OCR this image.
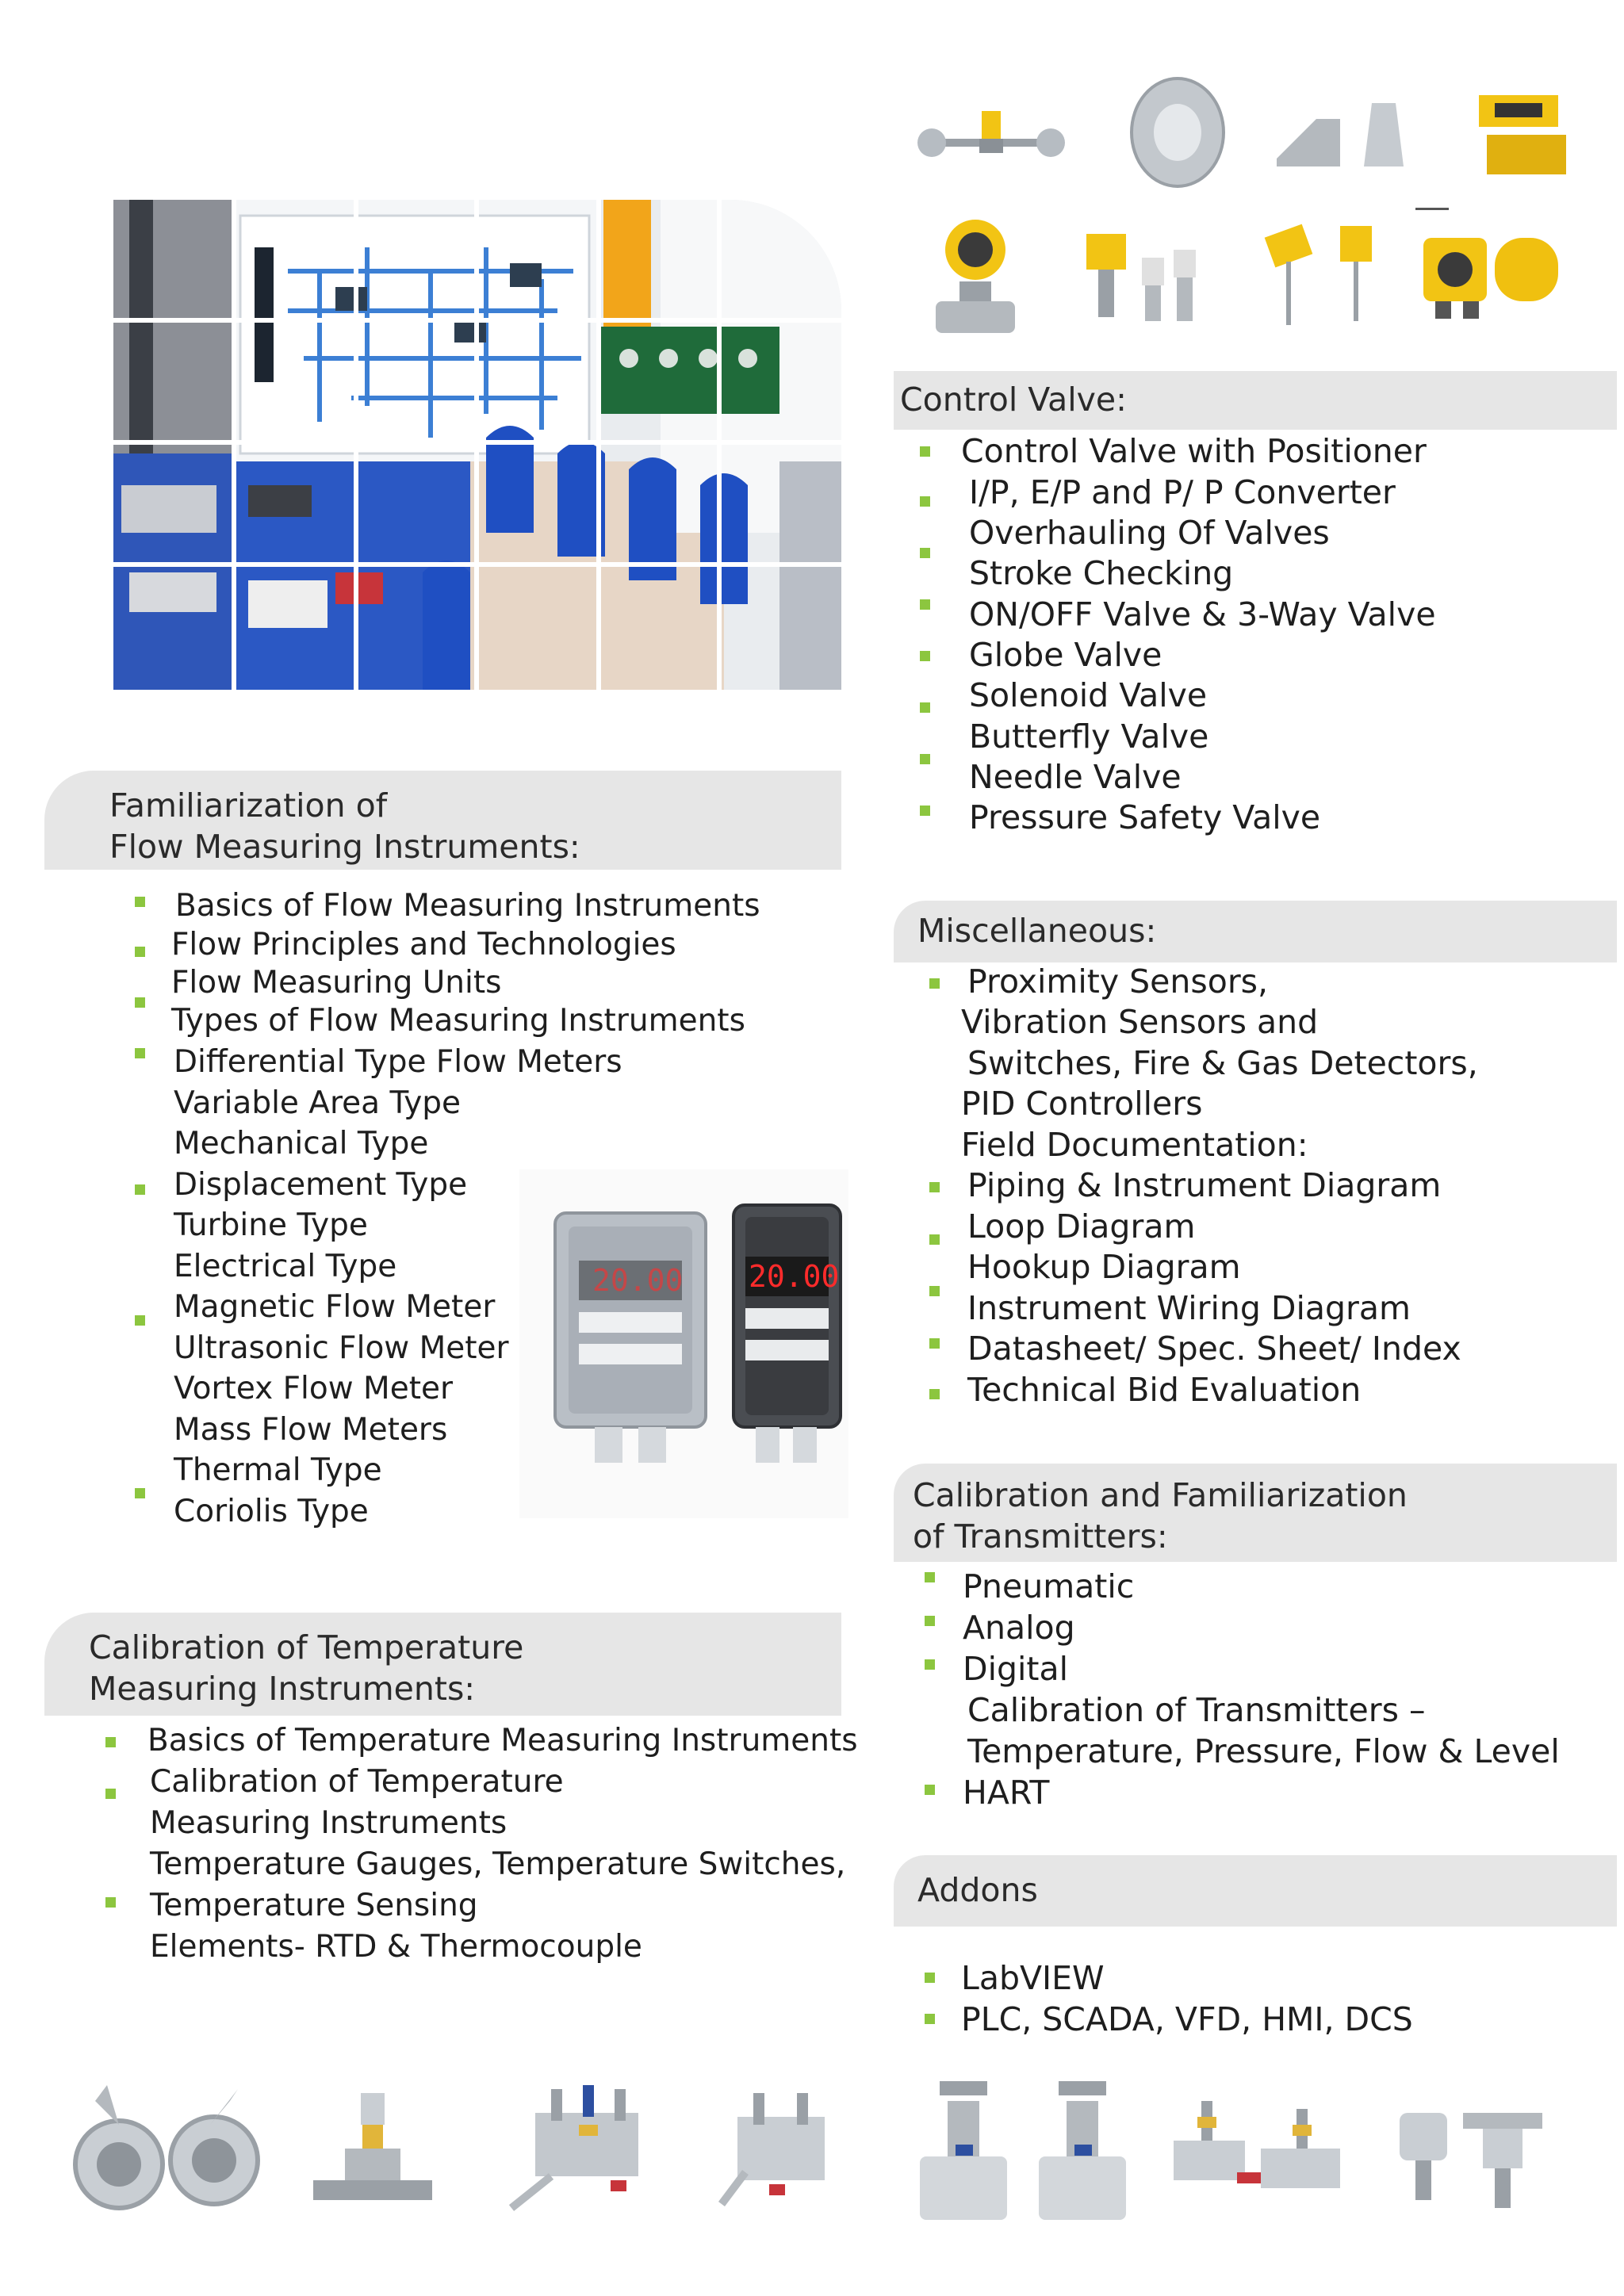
Familiarization of
Flow Measuring Instruments:
Basics of Flow Measuring Instruments
Flow Principles and Technologies
Flow Measuring Units
Types of Flow Measuring Instruments
Differential Type Flow Meters
Variable Area Type
Mechanical Type
Displacement Type
Turbine Type
Electrical Type
Magnetic Flow Meter
Ultrasonic Flow Meter
Vortex Flow Meter
Mass Flow Meters
Thermal Type
Coriolis Type
20.00 20.00
Calibration of Temperature
Measuring Instruments:
Basics of Temperature Measuring Instruments
Calibration of Temperature
Measuring Instruments
Temperature Gauges, Temperature Switches,
Temperature Sensing
Elements- RTD & Thermocouple
Control Valve:
Control Valve with Positioner
I/P, E/P and P/ P Converter
Overhauling Of Valves
Stroke Checking
ON/OFF Valve & 3-Way Valve
Globe Valve
Solenoid Valve
Butterfly Valve
Needle Valve
Pressure Safety Valve
Miscellaneous:
Proximity Sensors,
Vibration Sensors and
Switches, Fire & Gas Detectors,
PID Controllers
Field Documentation:
Piping & Instrument Diagram
Loop Diagram
Hookup Diagram
Instrument Wiring Diagram
Datasheet/ Spec. Sheet/ Index
Technical Bid Evaluation
Calibration and Familiarization
of Transmitters:
Pneumatic
Analog
Digital
Calibration of Transmitters –
Temperature, Pressure, Flow & Level
HART
Addons
LabVIEW
PLC, SCADA, VFD, HMI, DCS
